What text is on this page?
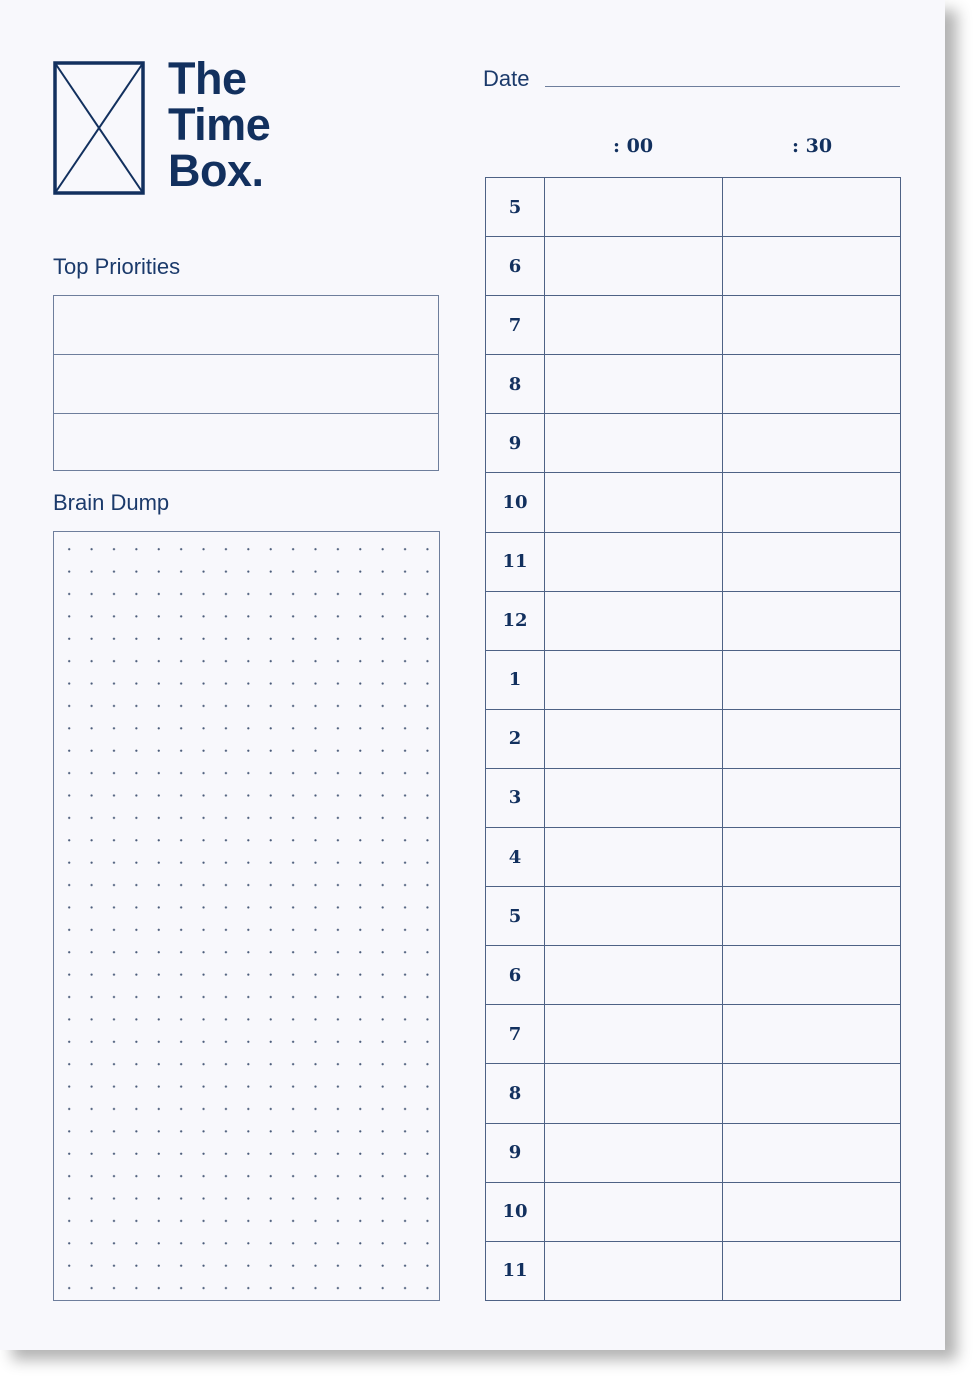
The
Time
Box.
Top Priorities
Brain Dump
Date
: 00	: 30
5
6
7
8
9
10
11
12
1
2
3
4
5
6
7
8
9
10
11
